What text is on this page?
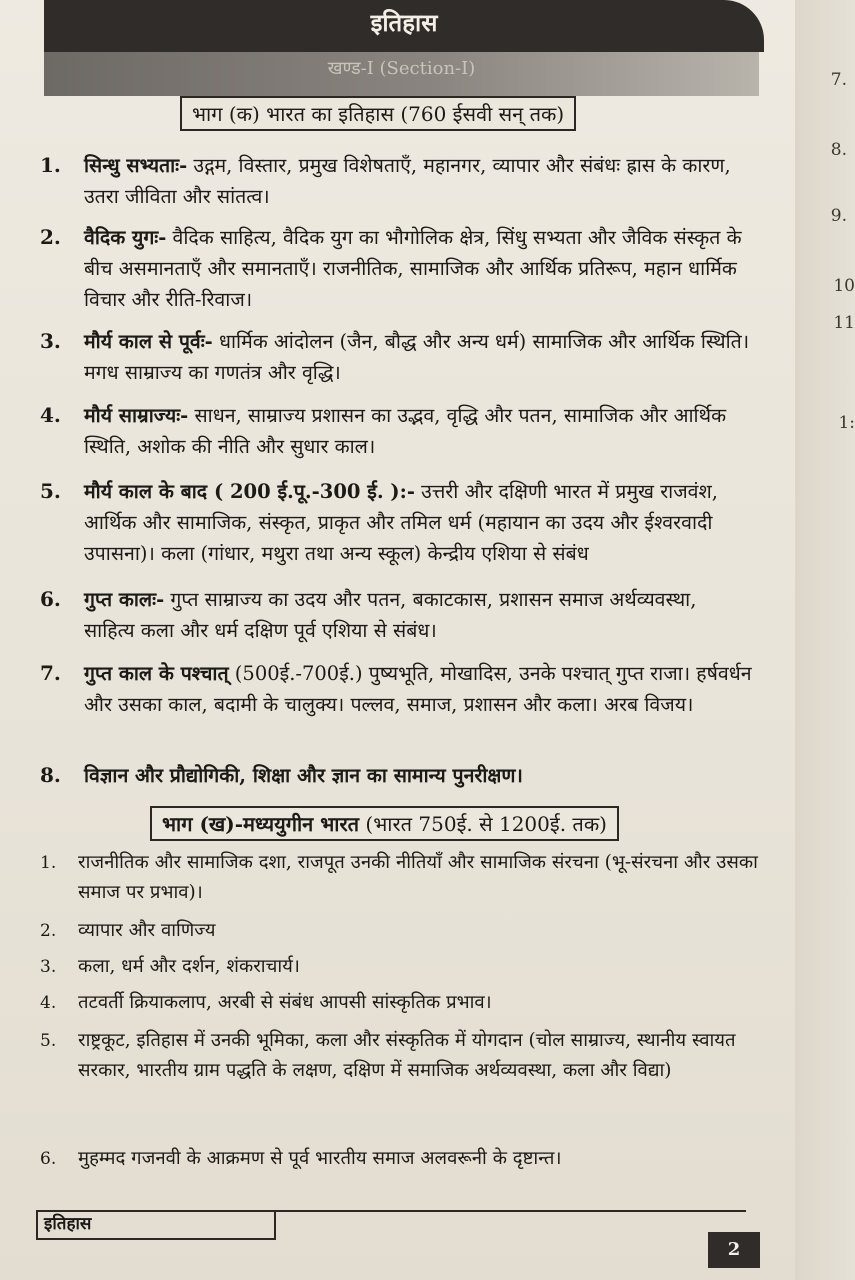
7.
8.
9.
10
11
1:
इतिहास
खण्ड-I (Section-I)
भाग (क) भारत का इतिहास (760 ईसवी सन् तक)
1. सिन्धु सभ्यताः- उद्गम, विस्तार, प्रमुख विशेषताएँ, महानगर, व्यापार और संबंधः ह्रास के कारण, उतरा जीविता और सांतत्व।
2. वैदिक युगः- वैदिक साहित्य, वैदिक युग का भौगोलिक क्षेत्र, सिंधु सभ्यता और जैविक संस्कृत के बीच असमानताएँ और समानताएँ। राजनीतिक, सामाजिक और आर्थिक प्रतिरूप, महान धार्मिक विचार और रीति-रिवाज।
3. मौर्य काल से पूर्वः- धार्मिक आंदोलन (जैन, बौद्ध और अन्य धर्म) सामाजिक और आर्थिक स्थिति। मगध साम्राज्य का गणतंत्र और वृद्धि।
4. मौर्य साम्राज्यः- साधन, साम्राज्य प्रशासन का उद्भव, वृद्धि और पतन, सामाजिक और आर्थिक स्थिति, अशोक की नीति और सुधार काल।
5. मौर्य काल के बाद ( 200 ई.पू.-300 ई. ):- उत्तरी और दक्षिणी भारत में प्रमुख राजवंश, आर्थिक और सामाजिक, संस्कृत, प्राकृत और तमिल धर्म (महायान का उदय और ईश्वरवादी उपासना)। कला (गांधार, मथुरा तथा अन्य स्कूल) केन्द्रीय एशिया से संबंध
6. गुप्त कालः- गुप्त साम्राज्य का उदय और पतन, बकाटकास, प्रशासन समाज अर्थव्यवस्था, साहित्य कला और धर्म दक्षिण पूर्व एशिया से संबंध।
7. गुप्त काल के पश्चात् (500ई.-700ई.) पुष्यभूति, मोखादिस, उनके पश्चात् गुप्त राजा। हर्षवर्धन और उसका काल, बदामी के चालुक्य। पल्लव, समाज, प्रशासन और कला। अरब विजय।
8. विज्ञान और प्रौद्योगिकी, शिक्षा और ज्ञान का सामान्य पुनरीक्षण।
भाग (ख)-मध्ययुगीन भारत (भारत 750ई. से 1200ई. तक)
1. राजनीतिक और सामाजिक दशा, राजपूत उनकी नीतियाँ और सामाजिक संरचना (भू-संरचना और उसका समाज पर प्रभाव)।
2. व्यापार और वाणिज्य
3. कला, धर्म और दर्शन, शंकराचार्य।
4. तटवर्ती क्रियाकलाप, अरबी से संबंध आपसी सांस्कृतिक प्रभाव।
5. राष्ट्रकूट, इतिहास में उनकी भूमिका, कला और संस्कृतिक में योगदान (चोल साम्राज्य, स्थानीय स्वायत सरकार, भारतीय ग्राम पद्धति के लक्षण, दक्षिण में समाजिक अर्थव्यवस्था, कला और विद्या)
6. मुहम्मद गजनवी के आक्रमण से पूर्व भारतीय समाज अलवरूनी के दृष्टान्त।
इतिहास
2
